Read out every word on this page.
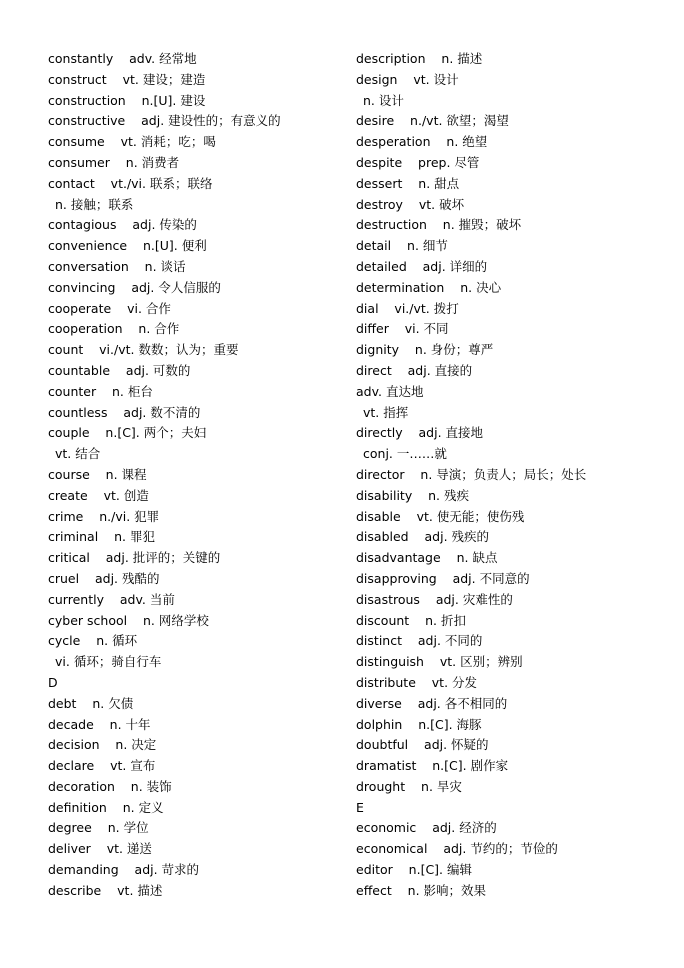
constantly    adv. 经常地
construct    vt. 建设；建造
construction    n.[U]. 建设
constructive    adj. 建设性的；有意义的
consume    vt. 消耗；吃；喝
consumer    n. 消费者
contact    vt./vi. 联系；联络
n. 接触；联系
contagious    adj. 传染的
convenience    n.[U]. 便利
conversation    n. 谈话
convincing    adj. 令人信服的
cooperate    vi. 合作
cooperation    n. 合作
count    vi./vt. 数数；认为；重要
countable    adj. 可数的
counter    n. 柜台
countless    adj. 数不清的
couple    n.[C]. 两个；夫妇
vt. 结合
course    n. 课程
create    vt. 创造
crime    n./vi. 犯罪
criminal    n. 罪犯
critical    adj. 批评的；关键的
cruel    adj. 残酷的
currently    adv. 当前
cyber school    n. 网络学校
cycle    n. 循环
vi. 循环；骑自行车
D
debt    n. 欠债
decade    n. 十年
decision    n. 决定
declare    vt. 宣布
decoration    n. 装饰
definition    n. 定义
degree    n. 学位
deliver    vt. 递送
demanding    adj. 苛求的
describe    vt. 描述
description    n. 描述
design    vt. 设计
n. 设计
desire    n./vt. 欲望；渴望
desperation    n. 绝望
despite    prep. 尽管
dessert    n. 甜点
destroy    vt. 破坏
destruction    n. 摧毁；破坏
detail    n. 细节
detailed    adj. 详细的
determination    n. 决心
dial    vi./vt. 拨打
differ    vi. 不同
dignity    n. 身份；尊严
direct    adj. 直接的
adv. 直达地
vt. 指挥
directly    adj. 直接地
conj. 一……就
director    n. 导演；负责人；局长；处长
disability    n. 残疾
disable    vt. 使无能；使伤残
disabled    adj. 残疾的
disadvantage    n. 缺点
disapproving    adj. 不同意的
disastrous    adj. 灾难性的
discount    n. 折扣
distinct    adj. 不同的
distinguish    vt. 区别；辨别
distribute    vt. 分发
diverse    adj. 各不相同的
dolphin    n.[C]. 海豚
doubtful    adj. 怀疑的
dramatist    n.[C]. 剧作家
drought    n. 旱灾
E
economic    adj. 经济的
economical    adj. 节约的；节俭的
editor    n.[C]. 编辑
effect    n. 影响；效果
